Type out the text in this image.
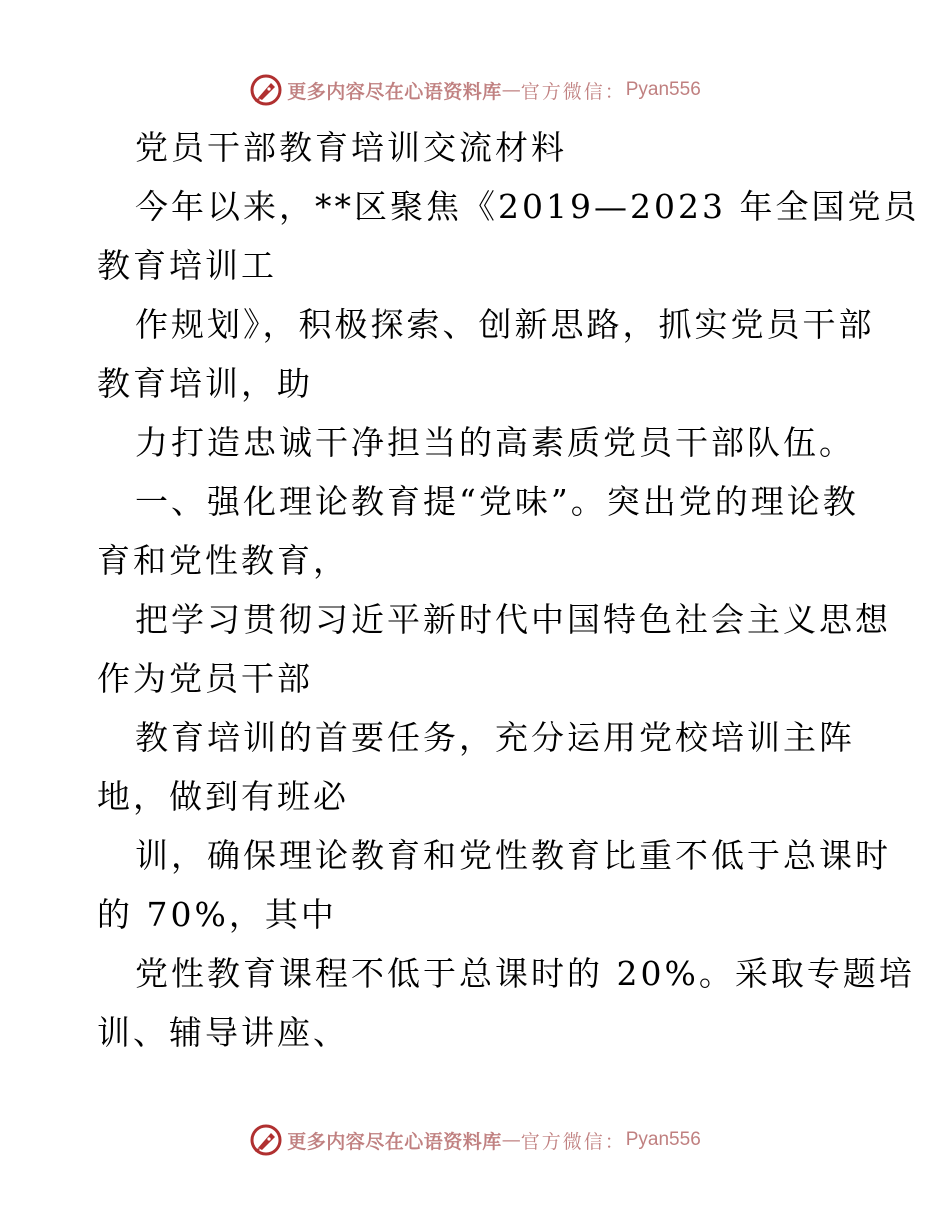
更多内容尽在心语资料库 — 官方微信： Pyan556
党员干部教育培训交流材料
今年以来，**区聚焦《2019—2023 年全国党员
教育培训工
作规划》，积极探索、创新思路，抓实党员干部
教育培训，助
力打造忠诚干净担当的高素质党员干部队伍。
一、强化理论教育提“党味”。突出党的理论教
育和党性教育，
把学习贯彻习近平新时代中国特色社会主义思想
作为党员干部
教育培训的首要任务，充分运用党校培训主阵
地，做到有班必
训，确保理论教育和党性教育比重不低于总课时
的 70%，其中
党性教育课程不低于总课时的 20%。采取专题培
训、辅导讲座、
更多内容尽在心语资料库 — 官方微信： Pyan556
